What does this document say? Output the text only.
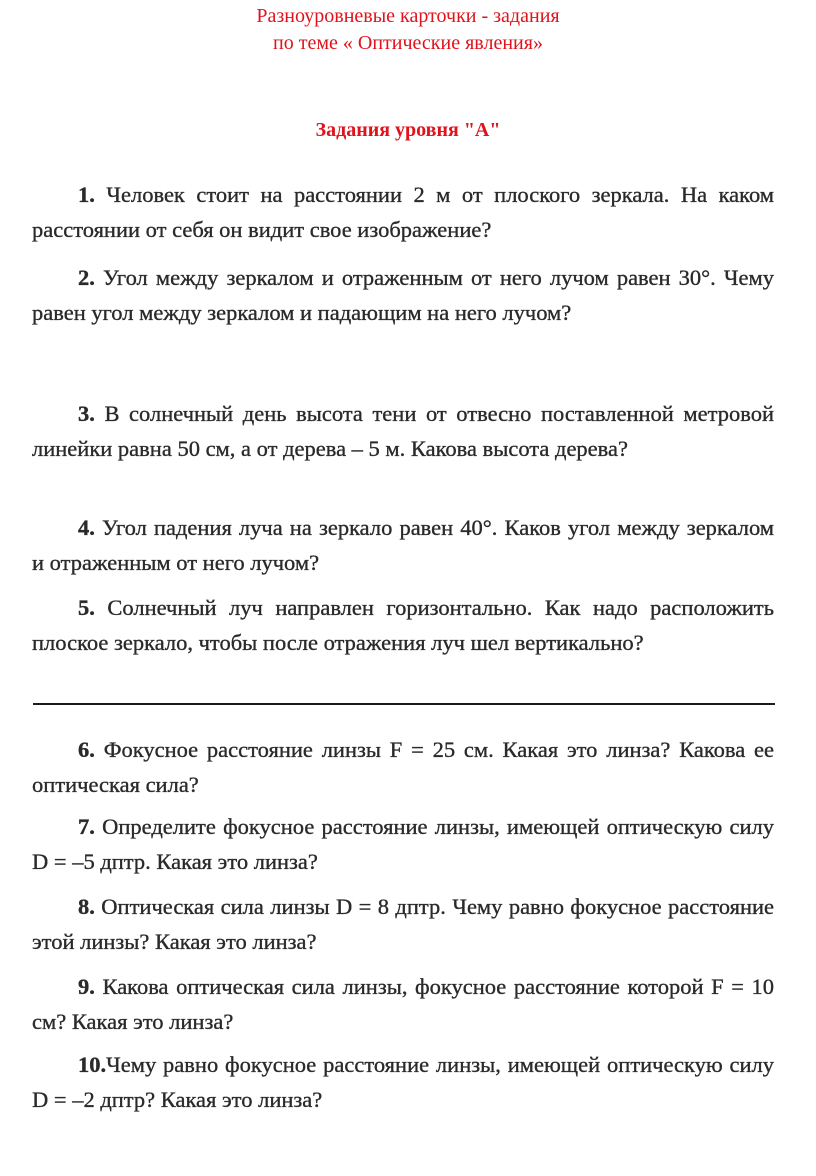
Разноуровневые карточки - задания
по теме « Оптические явления»
Задания уровня "А"

1. Человек стоит на расстоянии 2 м от плоского зеркала. На каком расстоянии от себя он видит свое изображение?

2. Угол между зеркалом и отраженным от него лучом равен 30°. Чему равен угол между зеркалом и падающим на него лучом?

3. В солнечный день высота тени от отвесно поставленной метровой линейки равна 50 см, а от дерева – 5 м. Какова высота дерева?

4. Угол падения луча на зеркало равен 40°. Каков угол между зеркалом и отраженным от него лучом?

5. Солнечный луч направлен горизонтально. Как надо расположить плоское зеркало, чтобы после отражения луч шел вертикально?

6. Фокусное расстояние линзы F = 25 см. Какая это линза? Какова ее оптическая сила?

7. Определите фокусное расстояние линзы, имеющей оптическую силу D = –5 дптр. Какая это линза?

8. Оптическая сила линзы D = 8 дптр. Чему равно фокусное расстояние этой линзы? Какая это линза?

9. Какова оптическая сила линзы, фокусное расстояние которой F = 10 см? Какая это линза?

10.Чему равно фокусное расстояние линзы, имеющей оптическую силу D = –2 дптр? Какая это линза?
